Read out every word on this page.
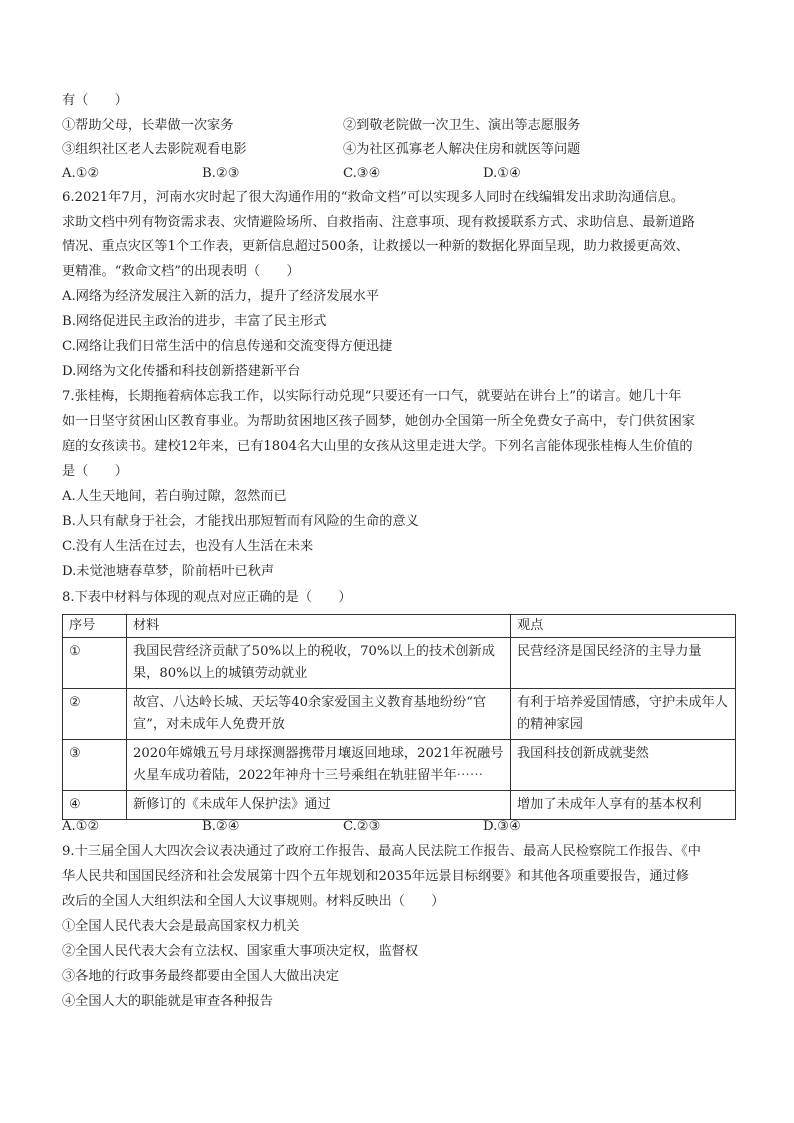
有（　　）
①帮助父母，长辈做一次家务	②到敬老院做一次卫生、演出等志愿服务
③组织社区老人去影院观看电影	④为社区孤寡老人解决住房和就医等问题
A.①②	B.②③	C.③④	D.①④
6.2021年7月，河南水灾时起了很大沟通作用的“救命文档”可以实现多人同时在线编辑发出求助沟通信息。
求助文档中列有物资需求表、灾情避险场所、自救指南、注意事项、现有救援联系方式、求助信息、最新道路
情况、重点灾区等1个工作表，更新信息超过500条，让救援以一种新的数据化界面呈现，助力救援更高效、
更精准。“救命文档”的出现表明（　　）
A.网络为经济发展注入新的活力，提升了经济发展水平
B.网络促进民主政治的进步，丰富了民主形式
C.网络让我们日常生活中的信息传递和交流变得方便迅捷
D.网络为文化传播和科技创新搭建新平台
7.张桂梅，长期拖着病体忘我工作，以实际行动兑现“只要还有一口气，就要站在讲台上”的诺言。她几十年
如一日坚守贫困山区教育事业。为帮助贫困地区孩子圆梦，她创办全国第一所全免费女子高中，专门供贫困家
庭的女孩读书。建校12年来，已有1804名大山里的女孩从这里走进大学。下列名言能体现张桂梅人生价值的
是（　　）
A.人生天地间，若白驹过隙，忽然而已
B.人只有献身于社会，才能找出那短暂而有风险的生命的意义
C.没有人生活在过去，也没有人生活在未来
D.未觉池塘春草梦，阶前梧叶已秋声
8.下表中材料与体现的观点对应正确的是（　　）
序号	材料	观点
①	我国民营经济贡献了50%以上的税收，70%以上的技术创新成果，80%以上的城镇劳动就业	民营经济是国民经济的主导力量
②	故宫、八达岭长城、天坛等40余家爱国主义教育基地纷纷“官宣”，对未成年人免费开放	有利于培养爱国情感，守护未成年人的精神家园
③	2020年嫦娥五号月球探测器携带月壤返回地球，2021年祝融号火星车成功着陆，2022年神舟十三号乘组在轨驻留半年⋯⋯	我国科技创新成就斐然
④	新修订的《未成年人保护法》通过	增加了未成年人享有的基本权利
A.①②	B.②④	C.②③	D.③④
9.十三届全国人大四次会议表决通过了政府工作报告、最高人民法院工作报告、最高人民检察院工作报告、《中
华人民共和国国民经济和社会发展第十四个五年规划和2035年远景目标纲要》和其他各项重要报告，通过修
改后的全国人大组织法和全国人大议事规则。材料反映出（　　）
①全国人民代表大会是最高国家权力机关
②全国人民代表大会有立法权、国家重大事项决定权，监督权
③各地的行政事务最终都要由全国人大做出决定
④全国人大的职能就是审查各种报告
